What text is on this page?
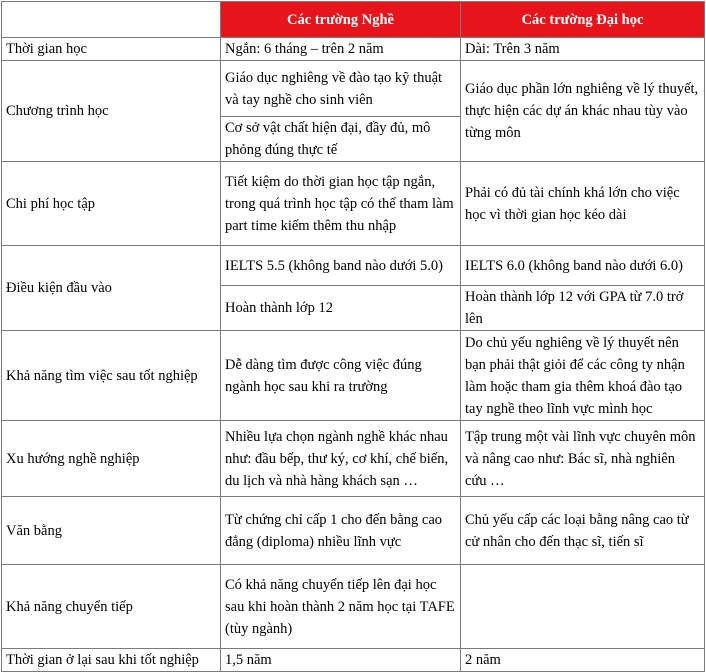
	Các trường Nghề	Các trường Đại học
Thời gian học	Ngắn: 6 tháng – trên 2 năm	Dài: Trên 3 năm
Chương trình học	Giáo dục nghiêng về đào tạo kỹ thuật và tay nghề cho sinh viên	Giáo dục phần lớn nghiêng về lý thuyết, thực hiện các dự án khác nhau tùy vào từng môn
	Cơ sở vật chất hiện đại, đầy đủ, mô phỏng đúng thực tế	
Chi phí học tập	Tiết kiệm do thời gian học tập ngắn, trong quá trình học tập có thể tham làm part time kiếm thêm thu nhập	Phải có đủ tài chính khá lớn cho việc học vì thời gian học kéo dài
Điều kiện đầu vào	IELTS 5.5 (không band nào dưới 5.0)	IELTS 6.0 (không band nào dưới 6.0)
	Hoàn thành lớp 12	Hoàn thành lớp 12 với GPA từ 7.0 trở lên
Khả năng tìm việc sau tốt nghiệp	Dễ dàng tìm được công việc đúng ngành học sau khi ra trường	Do chủ yếu nghiêng về lý thuyết nên bạn phải thật giỏi để các công ty nhận làm hoặc tham gia thêm khoá đào tạo tay nghề theo lĩnh vực mình học
Xu hướng nghề nghiệp	Nhiều lựa chọn ngành nghề khác nhau như: đầu bếp, thư ký, cơ khí, chế biến, du lịch và nhà hàng khách sạn …	Tập trung một vài lĩnh vực chuyên môn và nâng cao như: Bác sĩ, nhà nghiên cứu …
Văn bằng	Từ chứng chỉ cấp 1 cho đến bằng cao đẳng (diploma) nhiều lĩnh vực	Chủ yếu cấp các loại bằng nâng cao từ cử nhân cho đến thạc sĩ, tiến sĩ
Khả năng chuyển tiếp	Có khả năng chuyển tiếp lên đại học sau khi hoàn thành 2 năm học tại TAFE (tùy ngành)	
Thời gian ở lại sau khi tốt nghiệp	1,5 năm	2 năm
